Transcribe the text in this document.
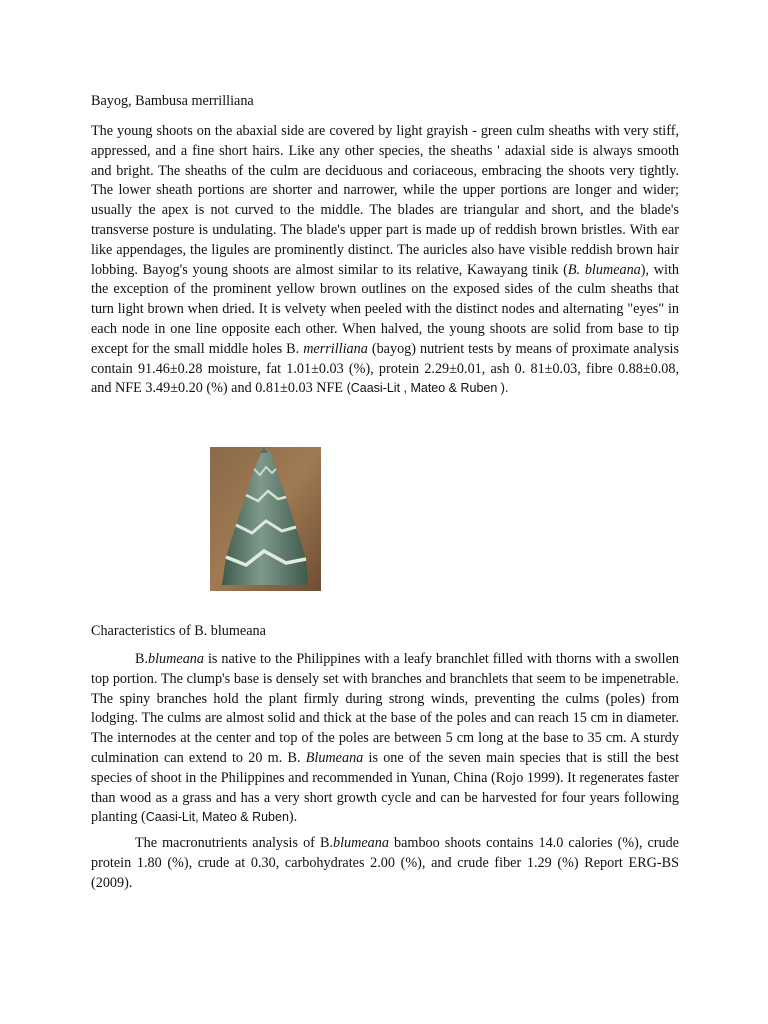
Bayog, Bambusa merrilliana

The young shoots on the abaxial side are covered by light grayish - green culm sheaths with very stiff, appressed, and a fine short hairs. Like any other species, the sheaths ' adaxial side is always smooth and bright. The sheaths of the culm are deciduous and coriaceous, embracing the shoots very tightly. The lower sheath portions are shorter and narrower, while the upper portions are longer and wider; usually the apex is not curved to the middle. The blades are triangular and short, and the blade's transverse posture is undulating. The blade's upper part is made up of reddish brown bristles. With ear like appendages, the ligules are prominently distinct. The auricles also have visible reddish brown hair lobbing. Bayog's young shoots are almost similar to its relative, Kawayang tinik (B. blumeana), with the exception of the prominent yellow brown outlines on the exposed sides of the culm sheaths that turn light brown when dried. It is velvety when peeled with the distinct nodes and alternating "eyes" in each node in one line opposite each other. When halved, the young shoots are solid from base to tip except for the small middle holes B. merrilliana (bayog) nutrient tests by means of proximate analysis contain 91.46±0.28 moisture, fat 1.01±0.03 (%), protein 2.29±0.01, ash 0. 81±0.03, fibre 0.88±0.08, and NFE 3.49±0.20 (%) and 0.81±0.03 NFE (Caasi-Lit , Mateo & Ruben ).

Characteristics of B. blumeana

B.blumeana is native to the Philippines with a leafy branchlet filled with thorns with a swollen top portion. The clump's base is densely set with branches and branchlets that seem to be impenetrable. The spiny branches hold the plant firmly during strong winds, preventing the culms (poles) from lodging. The culms are almost solid and thick at the base of the poles and can reach 15 cm in diameter. The internodes at the center and top of the poles are between 5 cm long at the base to 35 cm. A sturdy culmination can extend to 20 m. B. Blumeana is one of the seven main species that is still the best species of shoot in the Philippines and recommended in Yunan, China (Rojo 1999). It regenerates faster than wood as a grass and has a very short growth cycle and can be harvested for four years following planting (Caasi-Lit, Mateo & Ruben).

The macronutrients analysis of B.blumeana bamboo shoots contains 14.0 calories (%), crude protein 1.80 (%), crude at 0.30, carbohydrates 2.00 (%), and crude fiber 1.29 (%) Report ERG-BS (2009).
